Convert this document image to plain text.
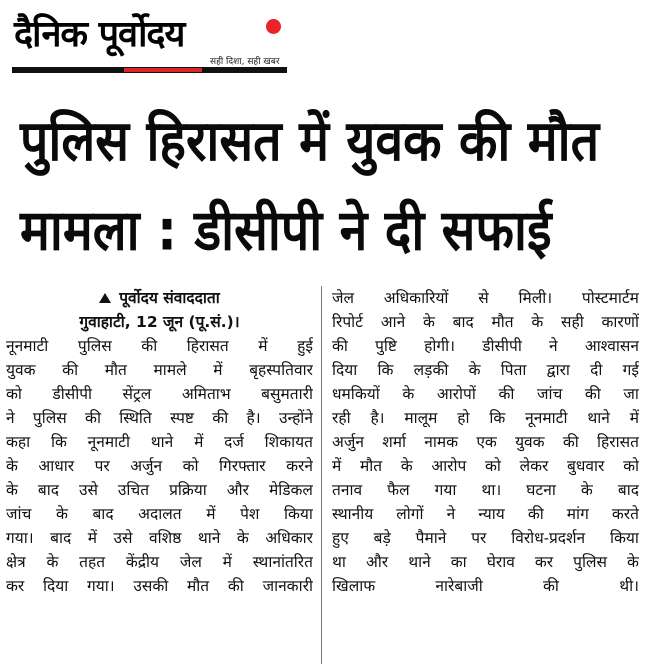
दैनिक पूर्वोदय
सही दिशा, सही खबर
पुलिस हिरासत में युवक की मौत
मामला : डीसीपी ने दी सफाई
पूर्वोदय संवाददाता
गुवाहाटी, 12 जून (पू.सं.)।
नूनमाटी पुलिस की हिरासत में हुई
युवक की मौत मामले में बृहस्पतिवार
को डीसीपी सेंट्रल अमिताभ बसुमतारी
ने पुलिस की स्थिति स्पष्ट की है। उन्होंने
कहा कि नूनमाटी थाने में दर्ज शिकायत
के आधार पर अर्जुन को गिरफ्तार करने
के बाद उसे उचित प्रक्रिया और मेडिकल
जांच के बाद अदालत में पेश किया
गया। बाद में उसे वशिष्ठ थाने के अधिकार
क्षेत्र के तहत केंद्रीय जेल में स्थानांतरित
कर दिया गया। उसकी मौत की जानकारी
जेल अधिकारियों से मिली। पोस्टमार्टम
रिपोर्ट आने के बाद मौत के सही कारणों
की पुष्टि होगी। डीसीपी ने आश्वासन
दिया कि लड़की के पिता द्वारा दी गई
धमकियों के आरोपों की जांच की जा
रही है। मालूम हो कि नूनमाटी थाने में
अर्जुन शर्मा नामक एक युवक की हिरासत
में मौत के आरोप को लेकर बुधवार को
तनाव फैल गया था। घटना के बाद
स्थानीय लोगों ने न्याय की मांग करते
हुए बड़े पैमाने पर विरोध-प्रदर्शन किया
था और थाने का घेराव कर पुलिस के
खिलाफ नारेबाजी की थी।
